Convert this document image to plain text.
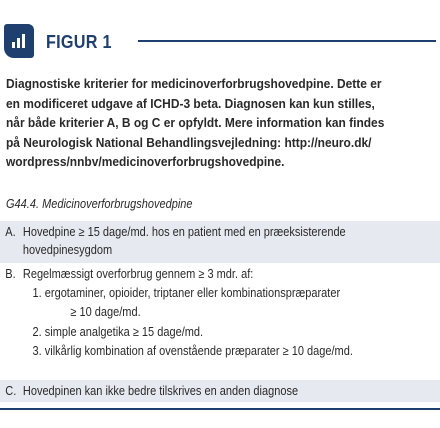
FIGUR 1
Diagnostiske kriterier for medicinoverforbrugshovedpine. Dette er
en modificeret udgave af ICHD-3 beta. Diagnosen kan kun stilles,
når både kriterier A, B og C er opfyldt. Mere information kan findes
på Neurologisk National Behandlingsvejledning: http://neuro.dk/
wordpress/nnbv/medicinoverforbrugshovedpine.
G44.4. Medicinoverforbrugshovedpine
A. Hovedpine ≥ 15 dage/md. hos en patient med en præeksisterende
hovedpinesygdom
B. Regelmæssigt overforbrug gennem ≥ 3 mdr. af:
1. ergotaminer, opioider, triptaner eller kombinationspræparater
≥ 10 dage/md.
2. simple analgetika ≥ 15 dage/md.
3. vilkårlig kombination af ovenstående præparater ≥ 10 dage/md.
C. Hovedpinen kan ikke bedre tilskrives en anden diagnose
